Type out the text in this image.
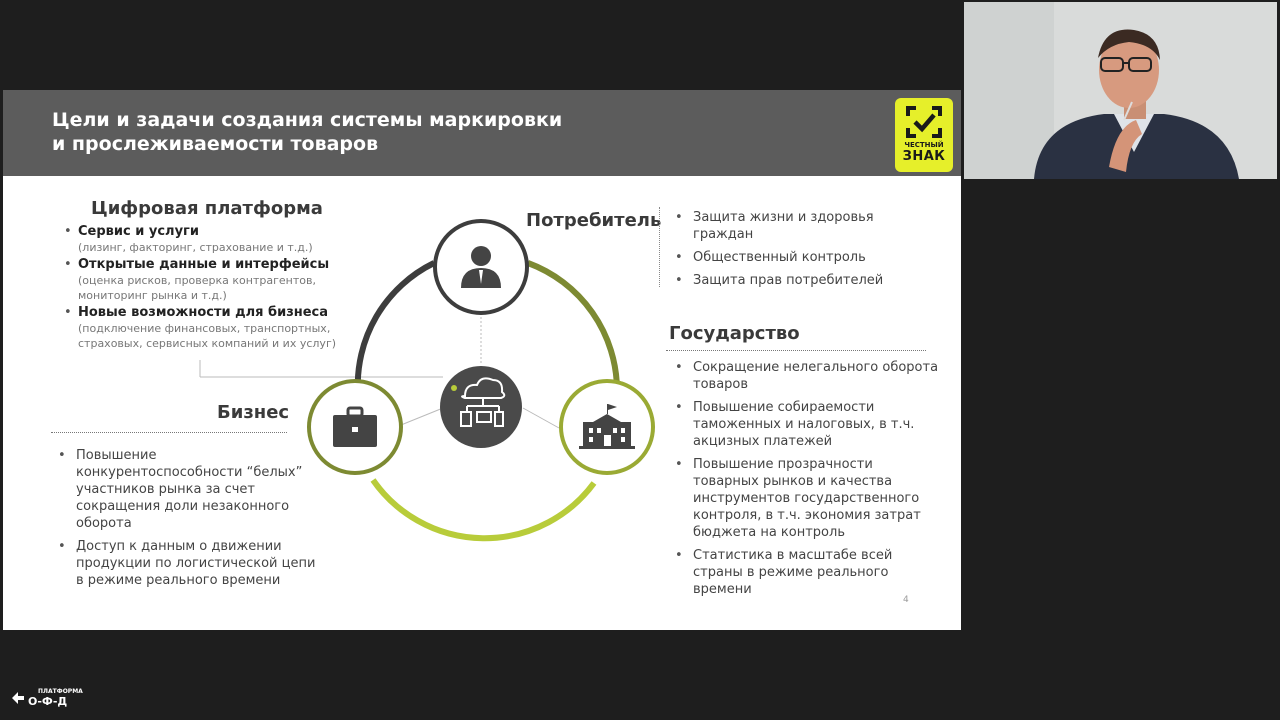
Цели и задачи создания системы маркировки
и прослеживаемости товаров	ЧЕСТНЫЙ
ЗНАК
Цифровая платформа
• Сервис и услуги
(лизинг, факторинг, страхование и т.д.)
• Открытые данные и интерфейсы
(оценка рисков, проверка контрагентов, мониторинг рынка и т.д.)
• Новые возможности для бизнеса
(подключение финансовых, транспортных, страховых, сервисных компаний и их услуг)
Потребитель
•	Защита жизни и здоровья граждан
• Общественный контроль
• Защита прав потребителей
Государство
• Сокращение нелегального оборота товаров
• Повышение собираемости таможенных и налоговых, в т.ч. акцизных платежей
• Повышение прозрачности товарных рынков и качества инструментов государственного контроля, в т.ч. экономия затрат бюджета на контроль
• Статистика в масштабе всей страны в режиме реального времени
Бизнес
• Повышение конкурентоспособности “белых” участников рынка за счет сокращения доли незаконного оборота
• Доступ к данным о движении продукции по логистической цепи в режиме реального времени
4
ПЛАТФОРМА
О-Ф-Д
